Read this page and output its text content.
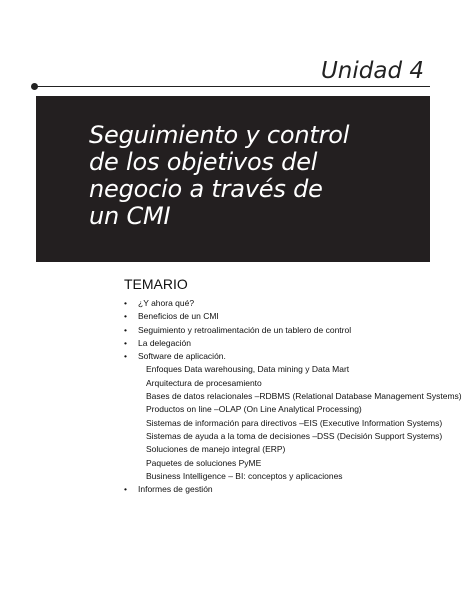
Unidad 4
Seguimiento y control
de los objetivos del
negocio a través de
un CMI
TEMARIO
• ¿Y ahora qué?
• Beneficios de un CMI
• Seguimiento y retroalimentación de un tablero de control
• La delegación
• Software de aplicación.
Enfoques Data warehousing, Data mining y Data Mart
Arquitectura de procesamiento
Bases de datos relacionales –RDBMS (Relational Database Management Systems)
Productos on line –OLAP (On Line Analytical Processing)
Sistemas de información para directivos –EIS (Executive Information Systems)
Sistemas de ayuda a la toma de decisiones –DSS (Decisión Support Systems)
Soluciones de manejo integral (ERP)
Paquetes de soluciones PyME
Business Intelligence – BI: conceptos y aplicaciones
• Informes de gestión
